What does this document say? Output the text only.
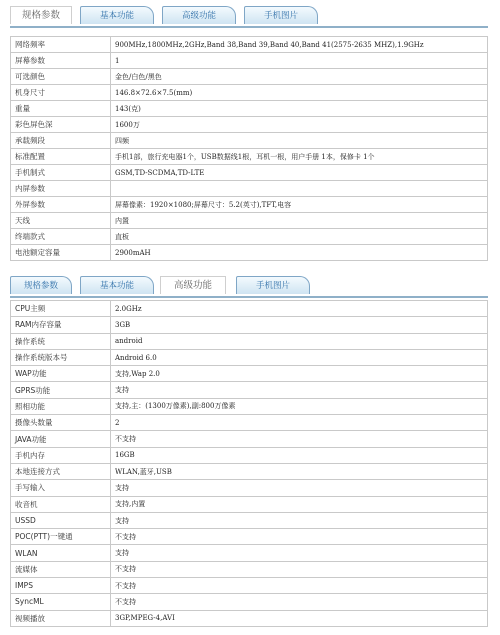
规格参数	基本功能	高级功能	手机图片
网络频率	900MHz,1800MHz,2GHz,Band 38,Band 39,Band 40,Band 41(2575-2635 MHZ),1.9GHz
屏幕参数	1
可选颜色	金色/白色/黑色
机身尺寸	146.8×72.6×7.5(mm)
重量	143(克)
彩色屏色深	1600万
承载频段	四频
标准配置	手机1部，旅行充电器1个，USB数据线1根，耳机一根，用户手册 1本，保修卡 1个
手机制式	GSM,TD-SCDMA,TD-LTE
内屏参数	
外屏参数	屏幕像素：1920×1080;屏幕尺寸：5.2(英寸),TFT,电容
天线	内置
终端款式	直板
电池额定容量	2900mAH
规格参数	基本功能	高级功能	手机图片
CPU主频	2.0GHz
RAM内存容量	3GB
操作系统	android
操作系统版本号	Android 6.0
WAP功能	支持,Wap 2.0
GPRS功能	支持
照相功能	支持,主：(1300万像素),副:800万像素
摄像头数量	2
JAVA功能	不支持
手机内存	16GB
本地连接方式	WLAN,蓝牙,USB
手写输入	支持
收音机	支持,内置
USSD	支持
POC(PTT)一键通	不支持
WLAN	支持
流媒体	不支持
IMPS	不支持
SyncML	不支持
视频播放	3GP,MPEG-4,AVI
